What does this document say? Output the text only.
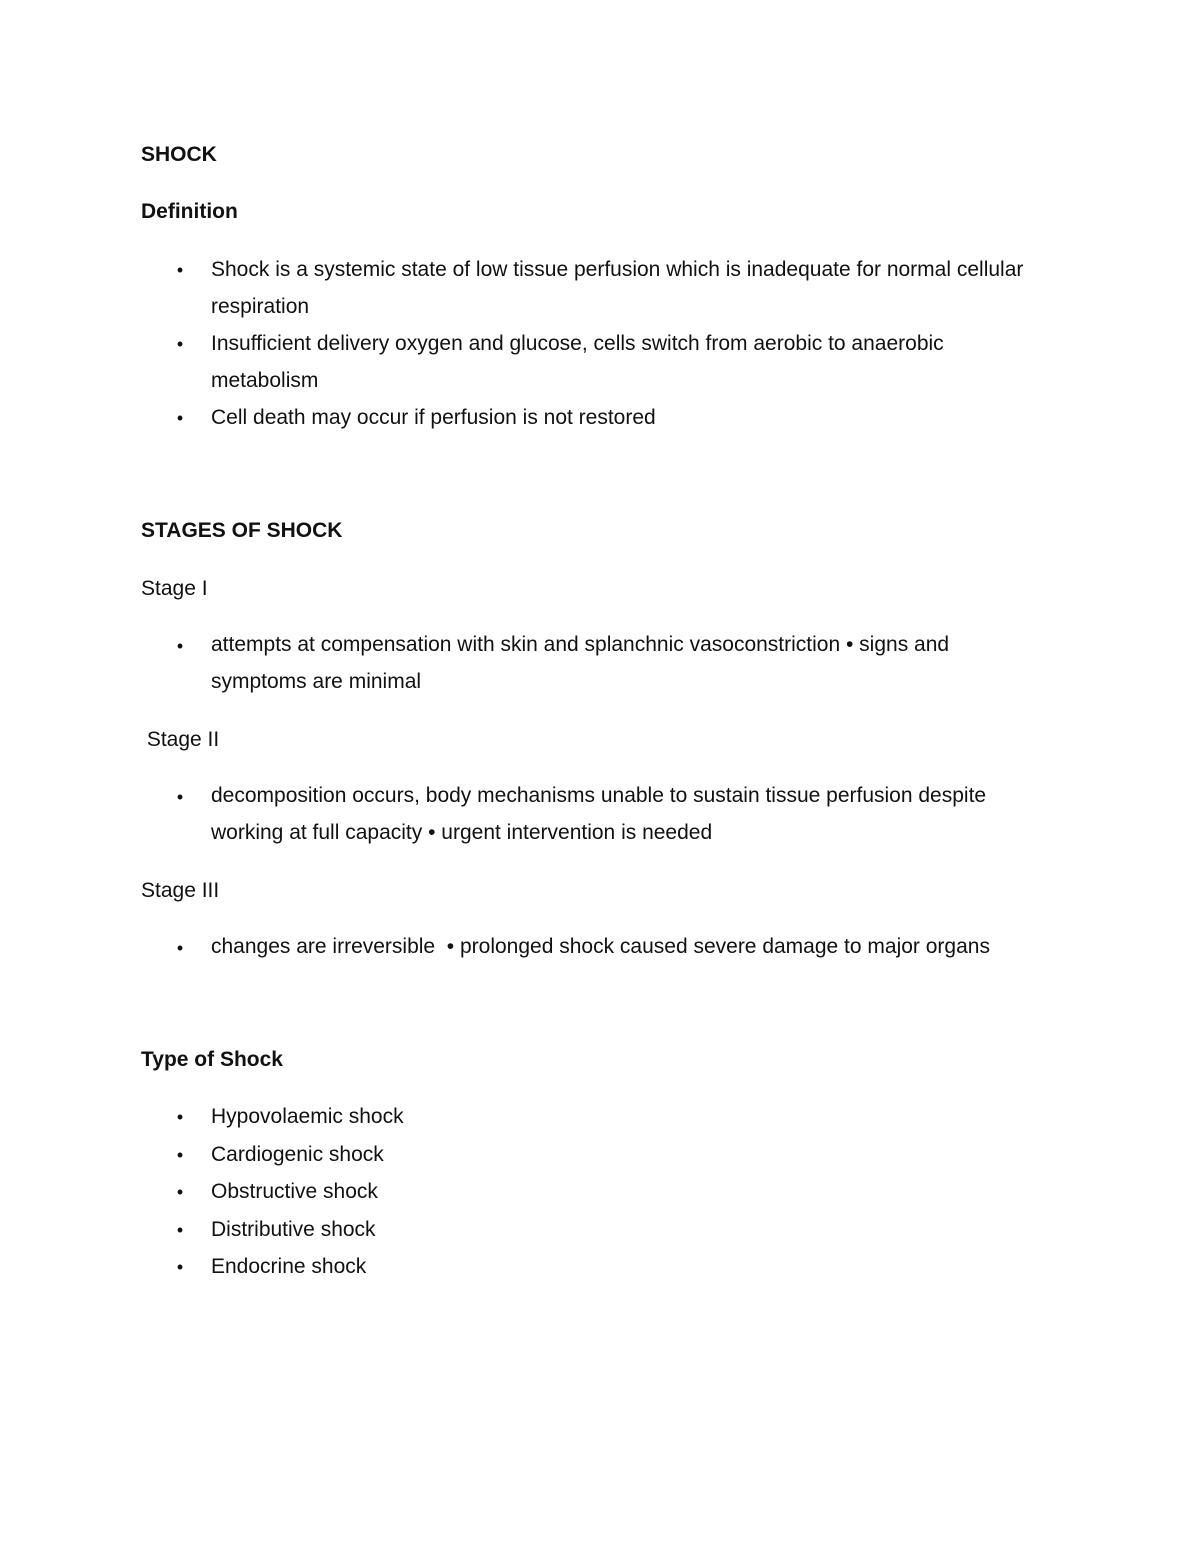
SHOCK
Definition
• Shock is a systemic state of low tissue perfusion which is inadequate for normal cellular
respiration
• Insufficient delivery oxygen and glucose, cells switch from aerobic to anaerobic
metabolism
• Cell death may occur if perfusion is not restored
STAGES OF SHOCK
Stage I
• attempts at compensation with skin and splanchnic vasoconstriction • signs and
symptoms are minimal
Stage II
• decomposition occurs, body mechanisms unable to sustain tissue perfusion despite
working at full capacity • urgent intervention is needed
Stage III
• changes are irreversible  • prolonged shock caused severe damage to major organs
Type of Shock
• Hypovolaemic shock
• Cardiogenic shock
• Obstructive shock
• Distributive shock
• Endocrine shock
